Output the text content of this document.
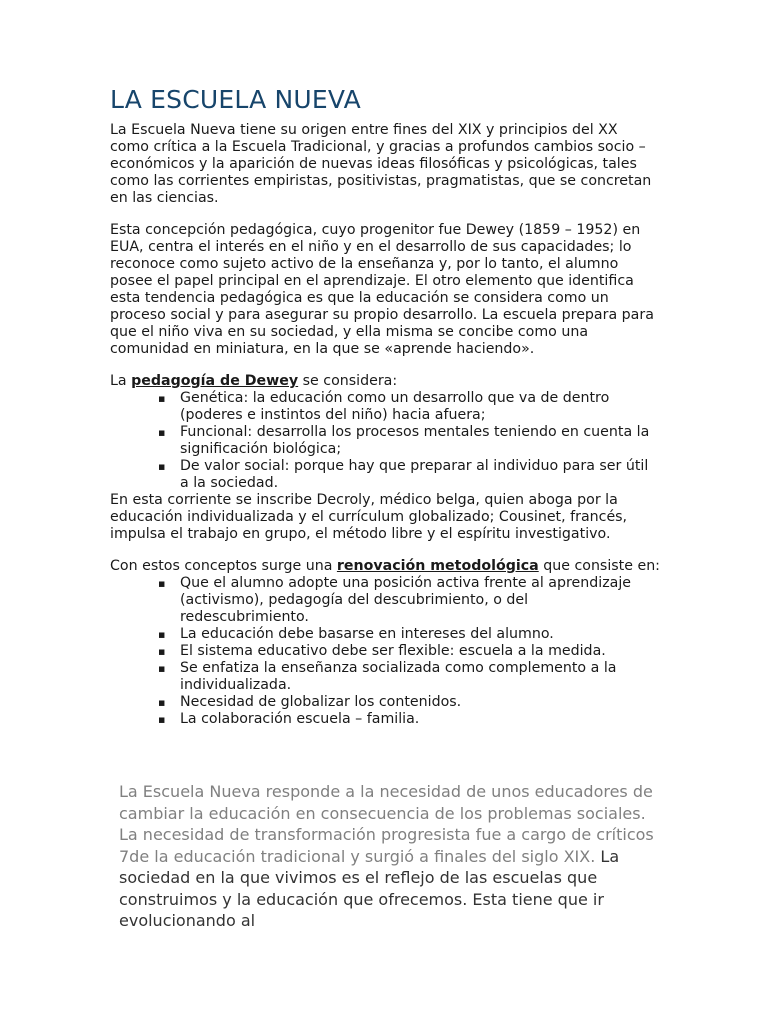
LA ESCUELA NUEVA

La Escuela Nueva tiene su origen entre fines del XIX y principios del XX como crítica a la Escuela Tradicional, y gracias a profundos cambios socio – económicos y la aparición de nuevas ideas filosóficas y psicológicas, tales como las corrientes empiristas, positivistas, pragmatistas, que se concretan en las ciencias.

Esta concepción pedagógica, cuyo progenitor fue Dewey (1859 – 1952) en EUA, centra el interés en el niño y en el desarrollo de sus capacidades; lo reconoce como sujeto activo de la enseñanza y, por lo tanto, el alumno posee el papel principal en el aprendizaje. El otro elemento que identifica esta tendencia pedagógica es que la educación se considera como un proceso social y para asegurar su propio desarrollo. La escuela prepara para que el niño viva en su sociedad, y ella misma se concibe como una comunidad en miniatura, en la que se «aprende haciendo».

La pedagogía de Dewey se considera:

▪ Genética: la educación como un desarrollo que va de dentro (poderes e instintos del niño) hacia afuera;
▪ Funcional: desarrolla los procesos mentales teniendo en cuenta la significación biológica;
▪ De valor social: porque hay que preparar al individuo para ser útil a la sociedad.

En esta corriente se inscribe Decroly, médico belga, quien aboga por la educación individualizada y el currículum globalizado; Cousinet, francés, impulsa el trabajo en grupo, el método libre y el espíritu investigativo.

Con estos conceptos surge una renovación metodológica que consiste en:

▪ Que el alumno adopte una posición activa frente al aprendizaje (activismo), pedagogía del descubrimiento, o del redescubrimiento.
▪ La educación debe basarse en intereses del alumno.
▪ El sistema educativo debe ser flexible: escuela a la medida.
▪ Se enfatiza la enseñanza socializada como complemento a la individualizada.
▪ Necesidad de globalizar los contenidos.
▪ La colaboración escuela – familia.
La Escuela Nueva responde a la necesidad de unos educadores de cambiar la educación en consecuencia de los problemas sociales. La necesidad de transformación progresista fue a cargo de críticos 7de la educación tradicional y surgió a finales del siglo XIX. La sociedad en la que vivimos es el reflejo de las escuelas que construimos y la educación que ofrecemos. Esta tiene que ir evolucionando al
